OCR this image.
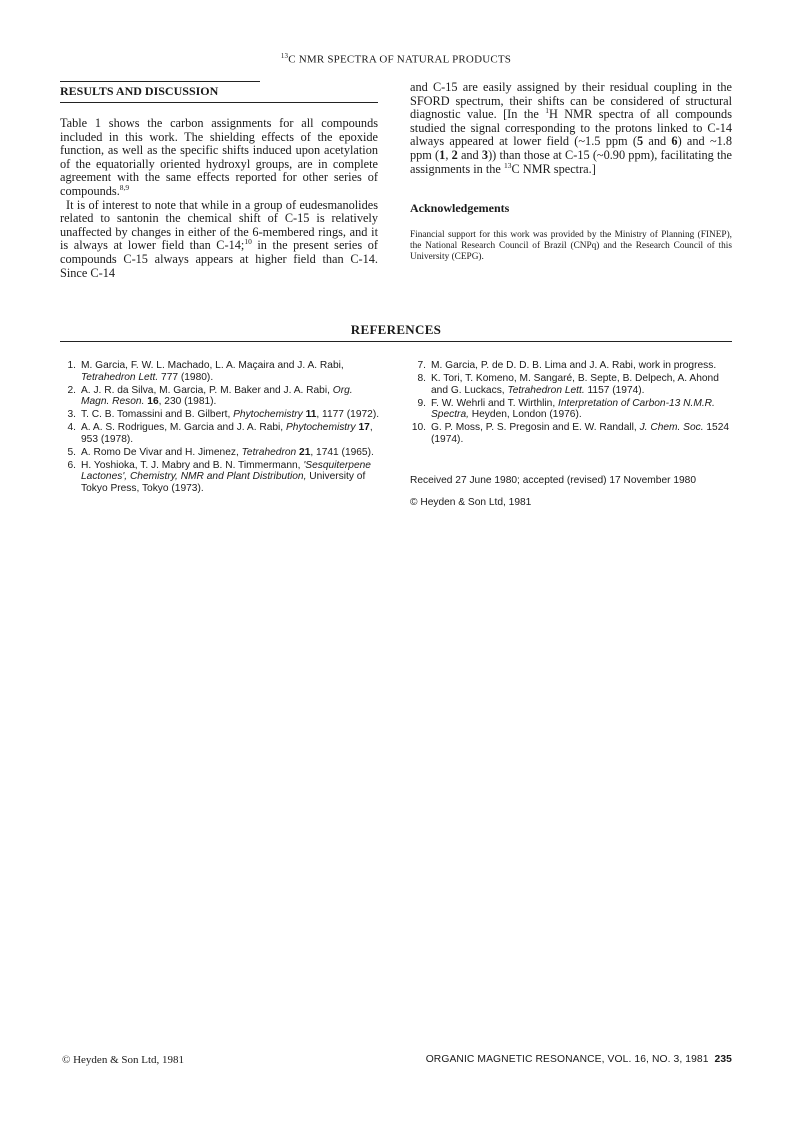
$^{13}$C NMR SPECTRA OF NATURAL PRODUCTS
RESULTS AND DISCUSSION

Table 1 shows the carbon assignments for all compounds included in this work. The shielding effects of the epoxide function, as well as the specific shifts induced upon acetylation of the equatorially oriented hydroxyl groups, are in complete agreement with the same effects reported for other series of compounds.$^{8,9}$

It is of interest to note that while in a group of eudesmanolides related to santonin the chemical shift of C-15 is relatively unaffected by changes in either of the 6-membered rings, and it is always at lower field than C-14;$^{10}$ in the present series of compounds C-15 always appears at higher field than C-14. Since C-14

and C-15 are easily assigned by their residual coupling in the SFORD spectrum, their shifts can be considered of structural diagnostic value. [In the $^1$H NMR spectra of all compounds studied the signal corresponding to the protons linked to C-14 always appeared at lower field (~1.5 ppm (5 and 6) and ~1.8 ppm (1, 2 and 3)) than those at C-15 (~0.90 ppm), facilitating the assignments in the $^{13}$C NMR spectra.]

Acknowledgements

Financial support for this work was provided by the Ministry of Planning (FINEP), the National Research Council of Brazil (CNPq) and the Research Council of this University (CEPG).

REFERENCES

1. M. Garcia, F. W. L. Machado, L. A. Maçaira and J. A. Rabi, Tetrahedron Lett. 777 (1980).
2. A. J. R. da Silva, M. Garcia, P. M. Baker and J. A. Rabi, Org. Magn. Reson. 16, 230 (1981).
3. T. C. B. Tomassini and B. Gilbert, Phytochemistry 11, 1177 (1972).
4. A. A. S. Rodrigues, M. Garcia and J. A. Rabi, Phytochemistry 17, 953 (1978).
5. A. Romo De Vivar and H. Jimenez, Tetrahedron 21, 1741 (1965).
6. H. Yoshioka, T. J. Mabry and B. N. Timmermann, 'Sesquiterpene Lactones', Chemistry, NMR and Plant Distribution, University of Tokyo Press, Tokyo (1973).
7. M. Garcia, P. de D. D. B. Lima and J. A. Rabi, work in progress.
8. K. Tori, T. Komeno, M. Sangaré, B. Septe, B. Delpech, A. Ahond and G. Luckacs, Tetrahedron Lett. 1157 (1974).
9. F. W. Wehrli and T. Wirthlin, Interpretation of Carbon-13 N.M.R. Spectra, Heyden, London (1976).
10. G. P. Moss, P. S. Pregosin and E. W. Randall, J. Chem. Soc. 1524 (1974).
Received 27 June 1980; accepted (revised) 17 November 1980
© Heyden & Son Ltd, 1981
© Heyden & Son Ltd, 1981	ORGANIC MAGNETIC RESONANCE, VOL. 16, NO. 3, 1981 235
